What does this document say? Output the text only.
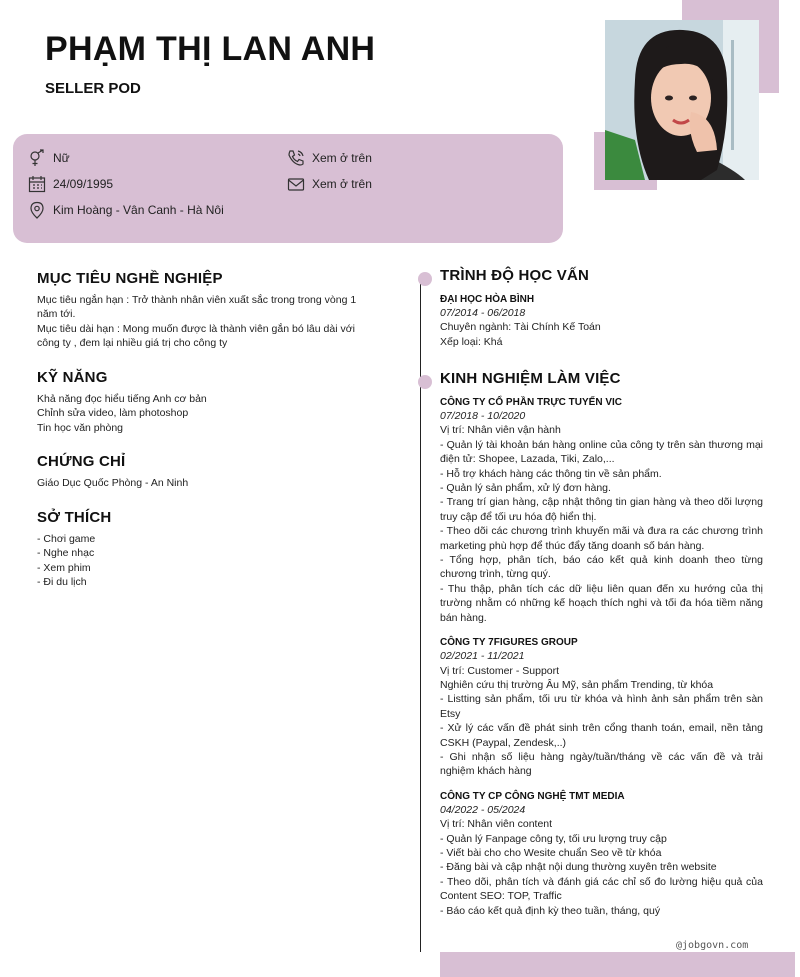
PHẠM THỊ LAN ANH
SELLER POD
Nữ	Xem ở trên
24/09/1995	Xem ở trên
Kim Hoàng - Vân Canh - Hà Nôi
MỤC TIÊU NGHỀ NGHIỆP
Mục tiêu ngắn hạn : Trở thành nhân viên xuất sắc trong trong vòng 1 năm tới.
Mục tiêu dài hạn : Mong muốn được là thành viên gắn bó lâu dài với công ty , đem lại nhiều giá trị cho công ty
KỸ NĂNG
Khả năng đọc hiểu tiếng Anh cơ bản
Chỉnh sửa video, làm photoshop
Tin học văn phòng
CHỨNG CHỈ
Giáo Dục Quốc Phòng - An Ninh
SỞ THÍCH
- Chơi game
- Nghe nhạc
- Xem phim
- Đi du lịch
TRÌNH ĐỘ HỌC VẤN
ĐẠI HỌC HÒA BÌNH
07/2014 - 06/2018
Chuyên ngành: Tài Chính Kế Toán
Xếp loại: Khá
KINH NGHIỆM LÀM VIỆC
CÔNG TY CỔ PHẦN TRỰC TUYẾN VIC
07/2018 - 10/2020
Vị trí: Nhân viên vận hành
- Quản lý tài khoản bán hàng online của công ty trên sàn thương mại điện tử: Shopee, Lazada, Tiki, Zalo,...
- Hỗ trợ khách hàng các thông tin về sản phẩm.
- Quản lý sản phẩm, xử lý đơn hàng.
- Trang trí gian hàng, cập nhật thông tin gian hàng và theo dõi lượng truy cập để tối ưu hóa độ hiển thị.
- Theo dõi các chương trình khuyến mãi và đưa ra các chương trình marketing phù hợp để thúc đẩy tăng doanh số bán hàng.
- Tổng hợp, phân tích, báo cáo kết quả kinh doanh theo từng chương trình, từng quý.
- Thu thập, phân tích các dữ liệu liên quan đến xu hướng của thị trường nhằm có những kế hoạch thích nghi và tối đa hóa tiềm năng bán hàng.
CÔNG TY 7FIGURES GROUP
02/2021 - 11/2021
Vị trí: Customer - Support
Nghiên cứu thị trường Âu Mỹ, sản phẩm Trending, từ khóa
- Listting sản phẩm, tối ưu từ khóa và hình ảnh sản phẩm trên sàn Etsy
- Xử lý các vấn đề phát sinh trên cổng thanh toán, email, nền tảng CSKH (Paypal, Zendesk,..)
- Ghi nhận số liệu hàng ngày/tuần/tháng về các vấn đề và trải nghiệm khách hàng
CÔNG TY CP CÔNG NGHỆ TMT MEDIA
04/2022 - 05/2024
Vị trí: Nhân viên content
- Quản lý Fanpage công ty, tối ưu lượng truy cập
- Viết bài cho cho Wesite chuẩn Seo về từ khóa
- Đăng bài và cập nhật nội dung thường xuyên trên website
- Theo dõi, phân tích và đánh giá các chỉ số đo lường hiệu quả của Content SEO: TOP, Traffic
- Báo cáo kết quả định kỳ theo tuần, tháng, quý
@jobgovn.com
